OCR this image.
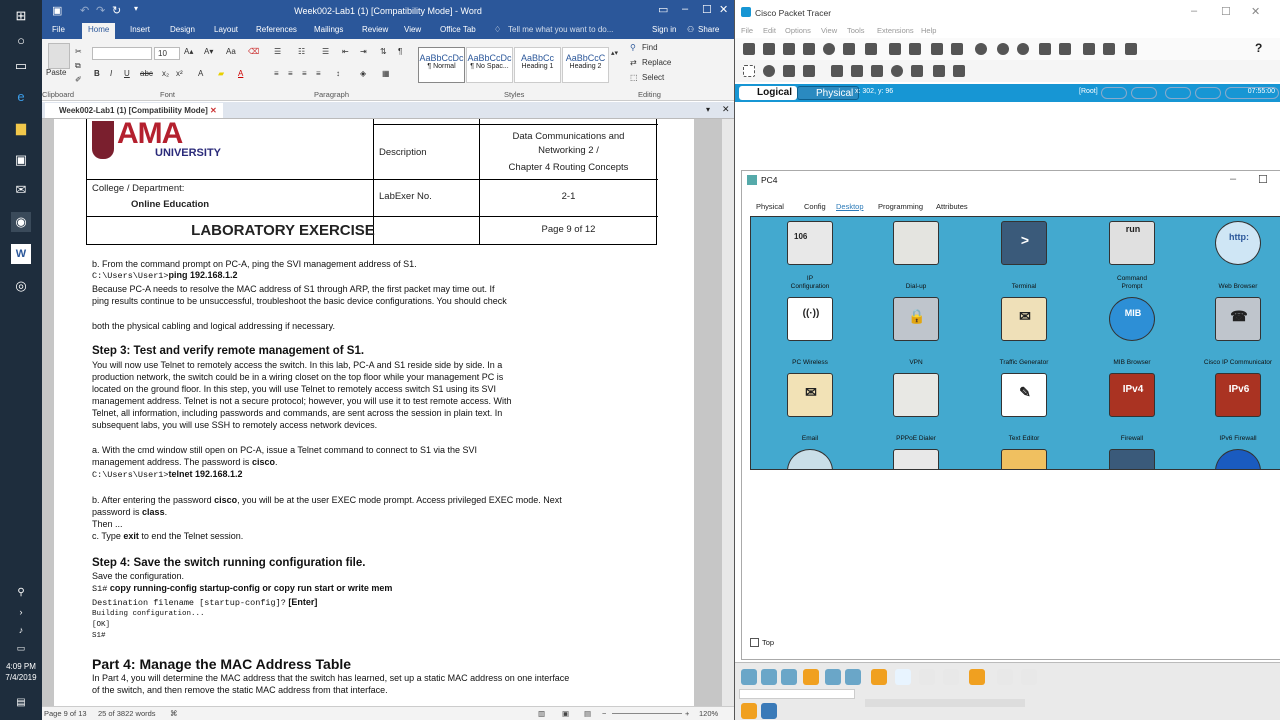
⊞
○
▭
e
▆
▣
✉
◉
W
◎
⚲
›
♪
▭
4:09 PM
7/4/2019
▤
▣ ↶ ↷ ↻ ▾	Week002-Lab1 (1) [Compatibility Mode] - Word	▭ – ☐ ✕
File	Home	Insert Design Layout References Mailings Review View Office Tab ♢ Tell me what you want to do...	Sign in ⚇ Share
Paste
✂
⧉
✐
Clipboard
10	A▴ A▾ Aa ⌫
B I U abc x₂ x² A ▰ A
Font
☰ ☷ ☰ ⇤ ⇥ ⇅ ¶
≡ ≡ ≡ ≡ ↕	◈ ▦
Paragraph
AaBbCcDc
¶ Normal
AaBbCcDc
¶ No Spac...
AaBbCc
Heading 1
AaBbCcC
Heading 2
▴▾
Styles
⚲ Find
⇄ Replace
⬚ Select
Editing
Week002-Lab1 (1) [Compatibility Mode] ✕	▾ ✕
AMA
UNIVERSITY	Description
Data Communications and
Networking 2 /
Chapter 4 Routing Concepts
College / Department:
Online Education
LabExer No.	2-1
LABORATORY EXERCISE	Page 9 of 12
b. From the command prompt on PC-A, ping the SVI management address of S1.
C:\Users\User1>ping 192.168.1.2
Because PC-A needs to resolve the MAC address of S1 through ARP, the first packet may time out. If
ping results continue to be unsuccessful, troubleshoot the basic device configurations. You should check
both the physical cabling and logical addressing if necessary.
Step 3: Test and verify remote management of S1.
You will now use Telnet to remotely access the switch. In this lab, PC-A and S1 reside side by side. In a
production network, the switch could be in a wiring closet on the top floor while your management PC is
located on the ground floor. In this step, you will use Telnet to remotely access switch S1 using its SVI
management address. Telnet is not a secure protocol; however, you will use it to test remote access. With
Telnet, all information, including passwords and commands, are sent across the session in plain text. In
subsequent labs, you will use SSH to remotely access network devices.
a. With the cmd window still open on PC-A, issue a Telnet command to connect to S1 via the SVI
management address. The password is cisco.
C:\Users\User1>telnet 192.168.1.2
b. After entering the password cisco, you will be at the user EXEC mode prompt. Access privileged EXEC mode. Next
password is class.
Then ...
c. Type exit to end the Telnet session.
Step 4: Save the switch running configuration file.
Save the configuration.
S1# copy running-config startup-config or copy run start or write mem
Destination filename [startup-config]? [Enter]
Building configuration...
[OK]
S1#
Part 4: Manage the MAC Address Table
In Part 4, you will determine the MAC address that the switch has learned, set up a static MAC address on one interface
of the switch, and then remove the static MAC address from that interface.
Page 9 of 13 25 of 3822 words ⌘	▥ ▣ ▤ −	+ 120%
Cisco Packet Tracer	– ☐ ✕
File Edit Options View Tools Extensions Help
?
Logical	Physical x: 302, y: 96	[Root]	07:55:00
PC4	– ☐
Physical	Config Desktop Programming Attributes
106
IP
Configuration	Dial-up
>
Terminal
run
Command
Prompt
http:
Web Browser
((·))
PC Wireless
🔒
VPN
✉
Traffic Generator
MIB
MIB Browser
☎
Cisco IP Communicator
✉
Email	PPPoE Dialer
✎
Text Editor
IPv4
Firewall
IPv6
IPv6 Firewall
Top
